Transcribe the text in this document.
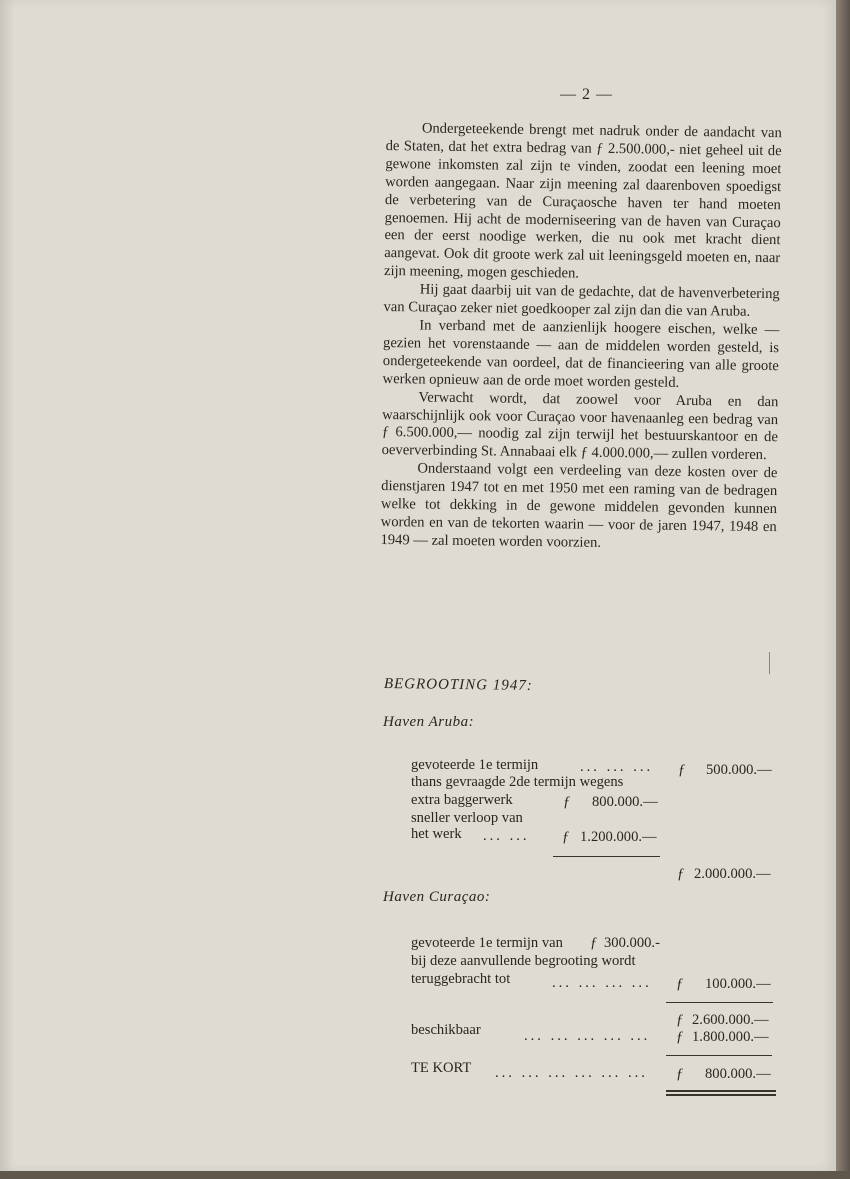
— 2 —

Ondergeteekende brengt met nadruk onder de aandacht van de Staten, dat het extra bedrag van ƒ 2.500.000,- niet geheel uit de gewone inkomsten zal zijn te vinden, zoodat een leening moet worden aangegaan. Naar zijn meening zal daarenboven spoedigst de verbetering van de Curaçaosche haven ter hand moeten genoemen. Hij acht de moderniseering van de haven van Curaçao een der eerst noodige werken, die nu ook met kracht dient aangevat. Ook dit groote werk zal uit leeningsgeld moeten en, naar zijn meening, mogen geschieden.

Hij gaat daarbij uit van de gedachte, dat de havenverbetering van Curaçao zeker niet goedkooper zal zijn dan die van Aruba.

In verband met de aanzienlijk hoogere eischen, welke — gezien het vorenstaande — aan de middelen worden gesteld, is ondergeteekende van oordeel, dat de financieering van alle groote werken opnieuw aan de orde moet worden gesteld.

Verwacht wordt, dat zoowel voor Aruba en dan waarschijnlijk ook voor Curaçao voor havenaanleg een bedrag van ƒ 6.500.000,— noodig zal zijn terwijl het bestuurskantoor en de oeververbinding St. Annabaai elk ƒ 4.000.000,— zullen vorderen.

Onderstaand volgt een verdeeling van deze kosten over de dienstjaren 1947 tot en met 1950 met een raming van de bedragen welke tot dekking in de gewone middelen gevonden kunnen worden en van de tekorten waarin — voor de jaren 1947, 1948 en 1949 — zal moeten worden voorzien.

BEGROOTING 1947:
Haven Aruba:
gevoteerde 1e termijn	... ... ... ƒ 500.000.—
thans gevraagde 2de termijn wegens
extra baggerwerk	ƒ 800.000.—
sneller verloop van
het werk ... ... ƒ 1.200.000.—
ƒ 2.000.000.—
Haven Curaçao:
gevoteerde 1e termijn van ƒ 300.000.-
bij deze aanvullende begrooting wordt
teruggebracht tot	... ... ... ... ƒ 100.000.—
ƒ 2.600.000.—
beschikbaar	... ... ... ... ... ƒ 1.800.000.—
TE KORT ... ... ... ... ... ... ƒ 800.000.—
